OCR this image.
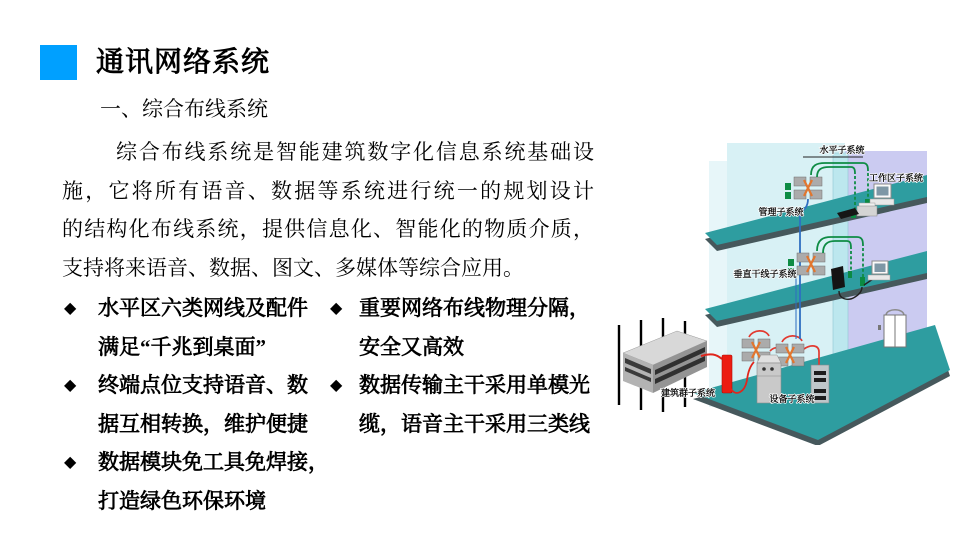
通讯网络系统
一、综合布线系统
综合布线系统是智能建筑数字化信息系统基础设
施，它将所有语音、数据等系统进行统一的规划设计
的结构化布线系统，提供信息化、智能化的物质介质，
支持将来语音、数据、图文、多媒体等综合应用。
◆	水平区六类网线及配件
满足“千兆到桌面”
◆	终端点位支持语音、数
据互相转换，维护便捷
◆	数据模块免工具免焊接，
打造绿色环保环境
◆ 重要网络布线物理分隔，
安全又高效
◆ 数据传输主干采用单模光
缆，语音主干采用三类线
水平子系统
工作区子系统
管理子系统
垂直干线子系统
建筑群子系统
设备子系统
